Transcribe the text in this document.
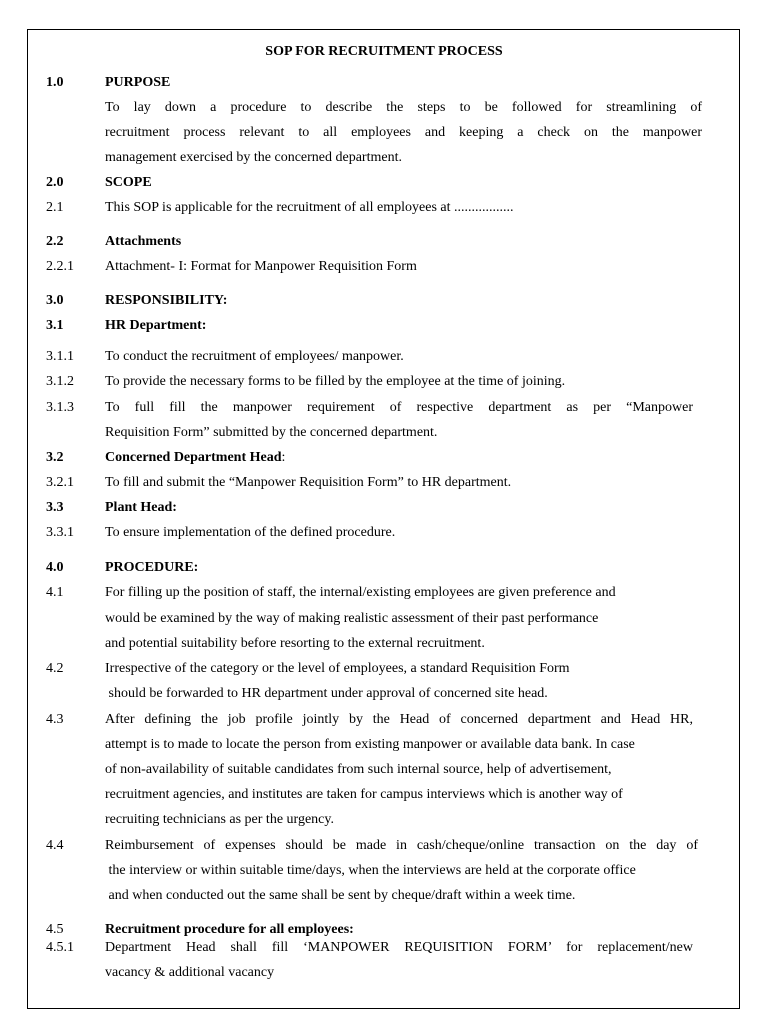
SOP FOR RECRUITMENT PROCESS
1.0	PURPOSE
To lay down a procedure to describe the steps to be followed for streamlining of
recruitment process relevant to all employees and keeping a check on the manpower
management exercised by the concerned department.
2.0	SCOPE
2.1	This SOP is applicable for the recruitment of all employees at .................
2.2	Attachments
2.2.1 Attachment- I: Format for Manpower Requisition Form
3.0	RESPONSIBILITY:
3.1	HR Department:
3.1.1 To conduct the recruitment of employees/ manpower.
3.1.2 To provide the necessary forms to be filled by the employee at the time of joining.
3.1.3 To full fill the manpower requirement of respective department as per “Manpower
Requisition Form” submitted by the concerned department.
3.2	Concerned Department Head:
3.2.1 To fill and submit the “Manpower Requisition Form” to HR department.
3.3	Plant Head:
3.3.1 To ensure implementation of the defined procedure.
4.0	PROCEDURE:
4.1	For filling up the position of staff, the internal/existing employees are given preference and
would be examined by the way of making realistic assessment of their past performance
and potential suitability before resorting to the external recruitment.
4.2	Irrespective of the category or the level of employees, a standard Requisition Form
should be forwarded to HR department under approval of concerned site head.
4.3	After defining the job profile jointly by the Head of concerned department and Head HR,
attempt is to made to locate the person from existing manpower or available data bank. In case
of non-availability of suitable candidates from such internal source, help of advertisement,
recruitment agencies, and institutes are taken for campus interviews which is another way of
recruiting technicians as per the urgency.
4.4	Reimbursement of expenses should be made in cash/cheque/online transaction on the day of
the interview or within suitable time/days, when the interviews are held at the corporate office
and when conducted out the same shall be sent by cheque/draft within a week time.
4.5	Recruitment procedure for all employees:
4.5.1 Department  Head  shall  fill  ‘MANPOWER  REQUISITION  FORM’  for  replacement/new
vacancy & additional vacancy
